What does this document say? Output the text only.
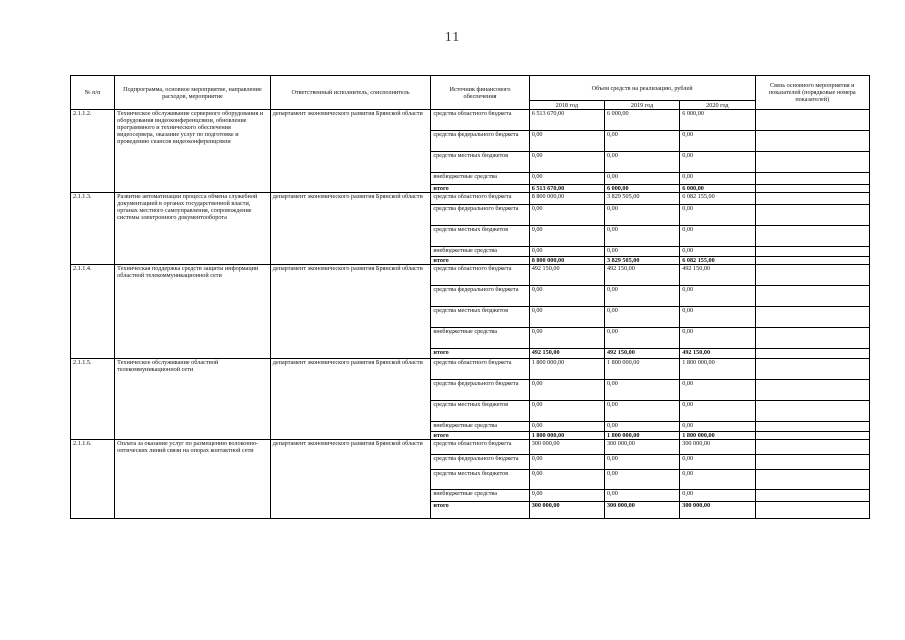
11
№ п/п	Подпрограмма, основное мероприятие, направление расходов, мероприятие	Ответственный исполнитель, соисполнитель	Источник финансового обеспечения	Объем средств на реализацию, рублей			Связь основного мероприятия и показателей (порядковые номера показателей)
				2018 год	2019 год	2020 год	
2.1.1.2.	Техническое обслуживание серверного оборудования и оборудования видеоконференцсвязи, обновление программного и технического обеспечения видеосервера, оказание услуг по подготовке и проведению сеансов видеоконференцсвязи	департамент экономического развития Брянской области	средства областного бюджета	6 513 670,00	6 000,00	6 000,00	
			средства федерального бюджета	0,00	0,00	0,00	
			средства местных бюджетов	0,00	0,00	0,00	
			внебюджетные средства	0,00	0,00	0,00	
			итого	6 513 670,00	6 000,00	6 000,00	
2.1.1.3.	Развитие автоматизации процесса обмена служебной документацией в органах государственной власти, органах местного самоуправления, сопровождение системы электронного документооборота	департамент экономического развития Брянской области	средства областного бюджета	8 800 000,00	3 829 505,00	6 082 155,00	
			средства федерального бюджета	0,00	0,00	0,00	
			средства местных бюджетов	0,00	0,00	0,00	
			внебюджетные средства	0,00	0,00	0,00	
			итого	8 800 000,00	3 829 505,00	6 082 155,00	
2.1.1.4.	Техническая поддержка средств защиты информации областной телекоммуникационной сети	департамент экономического развития Брянской области	средства областного бюджета	492 150,00	492 150,00	492 150,00	
			средства федерального бюджета	0,00	0,00	0,00	
			средства местных бюджетов	0,00	0,00	0,00	
			внебюджетные средства	0,00	0,00	0,00	
			итого	492 150,00	492 150,00	492 150,00	
2.1.1.5.	Техническое обслуживание областной телекоммуникационной сети	департамент экономического развития Брянской области	средства областного бюджета	1 800 000,00	1 800 000,00	1 800 000,00	
			средства федерального бюджета	0,00	0,00	0,00	
			средства местных бюджетов	0,00	0,00	0,00	
			внебюджетные средства	0,00	0,00	0,00	
			итого	1 800 000,00	1 800 000,00	1 800 000,00	
2.1.1.6.	Оплата за оказание услуг по размещению волоконно-оптических линий связи на опорах контактной сети	департамент экономического развития Брянской области	средства областного бюджета	300 000,00	300 000,00	300 000,00	
			средства федерального бюджета	0,00	0,00	0,00	
			средства местных бюджетов	0,00	0,00	0,00	
			внебюджетные средства	0,00	0,00	0,00	
			итого	300 000,00	300 000,00	300 000,00	
